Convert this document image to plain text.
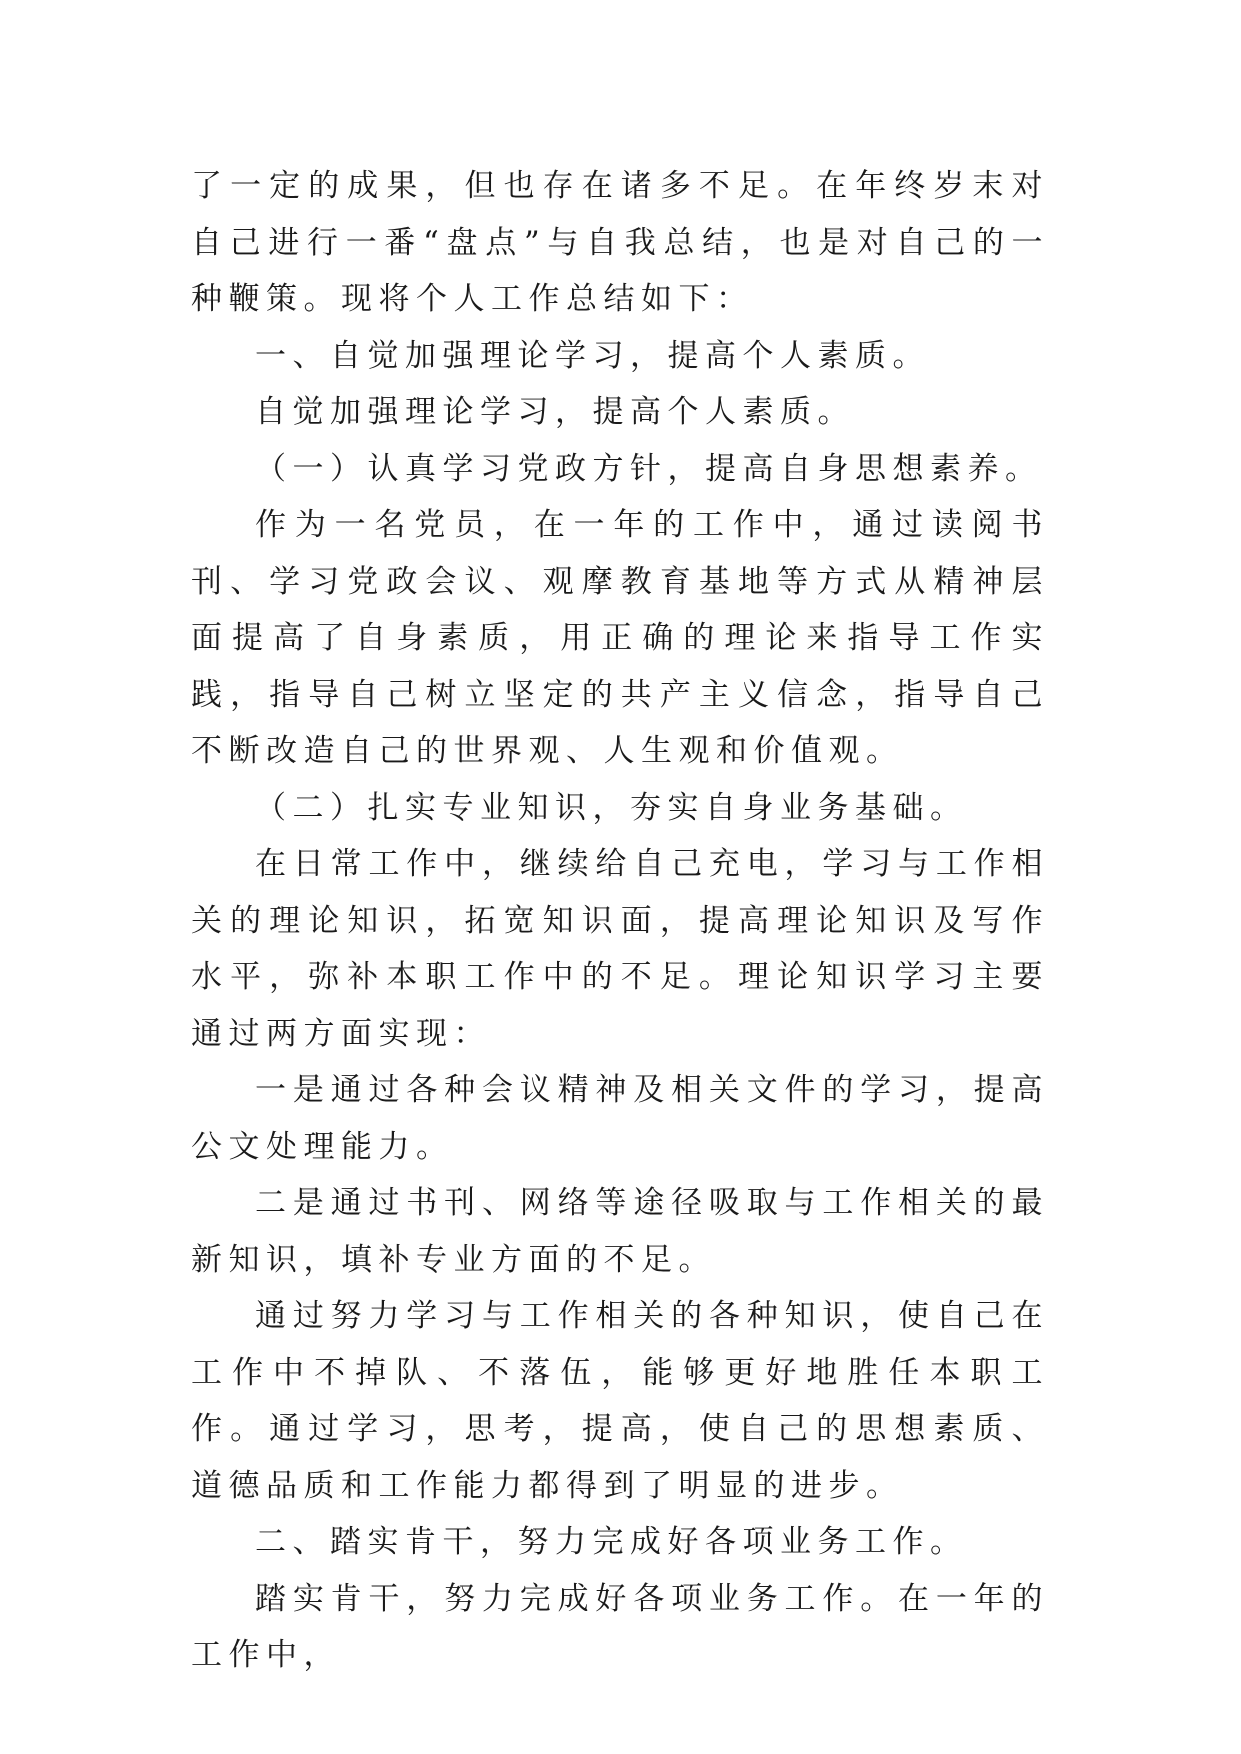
了一定的成果，但也存在诸多不足。在年终岁末对自己进行一番“盘点”与自我总结，也是对自己的一种鞭策。现将个人工作总结如下：

一、自觉加强理论学习，提高个人素质。

自觉加强理论学习，提高个人素质。

（一）认真学习党政方针，提高自身思想素养。

作为一名党员，在一年的工作中，通过读阅书刊、学习党政会议、观摩教育基地等方式从精神层面提高了自身素质，用正确的理论来指导工作实践，指导自己树立坚定的共产主义信念，指导自己不断改造自己的世界观、人生观和价值观。

（二）扎实专业知识，夯实自身业务基础。

在日常工作中，继续给自己充电，学习与工作相关的理论知识，拓宽知识面，提高理论知识及写作水平，弥补本职工作中的不足。理论知识学习主要通过两方面实现：

一是通过各种会议精神及相关文件的学习，提高公文处理能力。

二是通过书刊、网络等途径吸取与工作相关的最新知识，填补专业方面的不足。

通过努力学习与工作相关的各种知识，使自己在工作中不掉队、不落伍，能够更好地胜任本职工作。通过学习，思考，提高，使自己的思想素质、道德品质和工作能力都得到了明显的进步。

二、踏实肯干，努力完成好各项业务工作。

踏实肯干，努力完成好各项业务工作。在一年的工作中，
